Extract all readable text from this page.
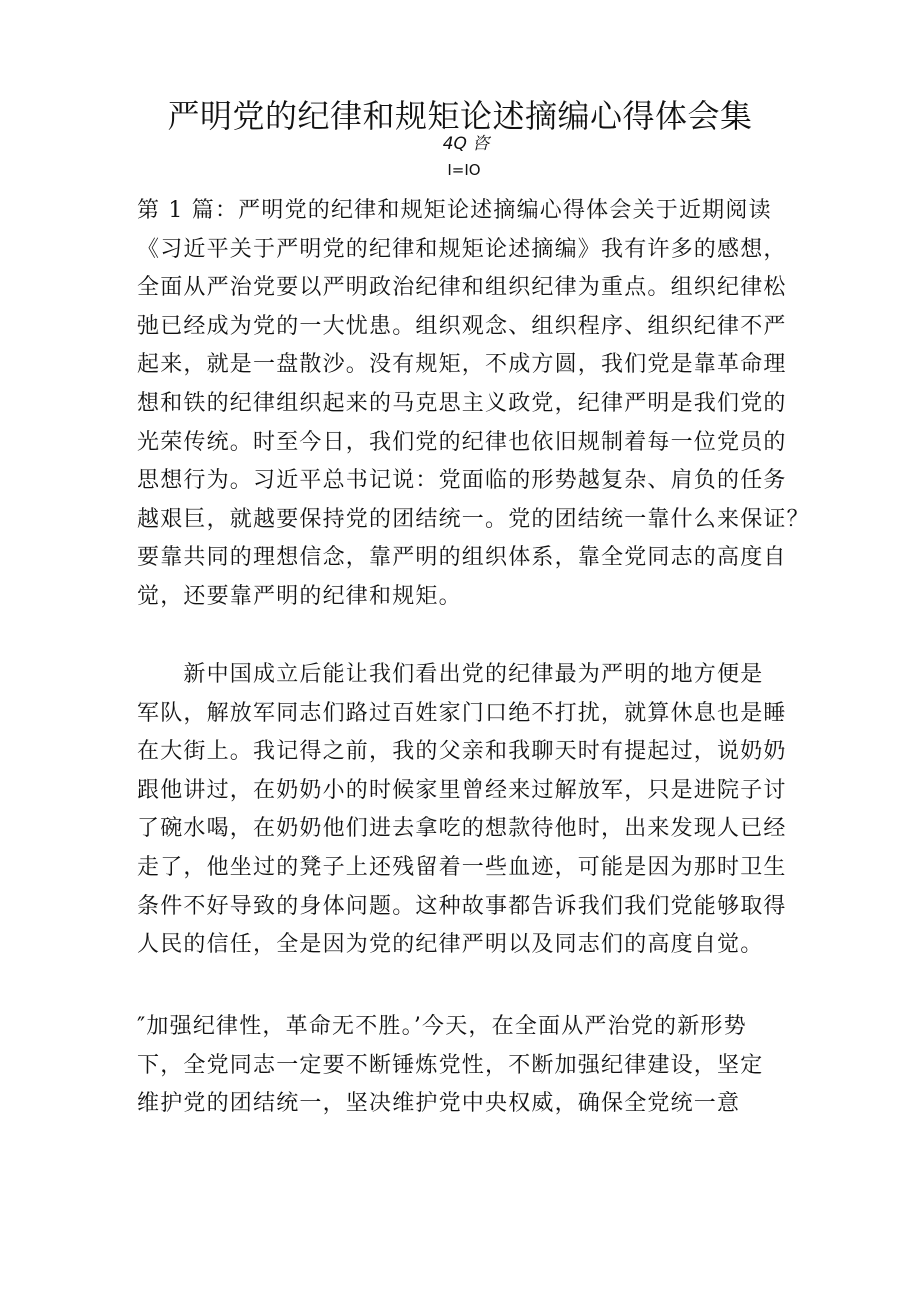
严明党的纪律和规矩论述摘编心得体会集
4Q 咨
I=IO
第 1 篇：严明党的纪律和规矩论述摘编心得体会关于近期阅读
《习近平关于严明党的纪律和规矩论述摘编》我有许多的感想，
全面从严治党要以严明政治纪律和组织纪律为重点。组织纪律松
弛已经成为党的一大忧患。组织观念、组织程序、组织纪律不严
起来，就是一盘散沙。没有规矩，不成方圆，我们党是靠革命理
想和铁的纪律组织起来的马克思主义政党，纪律严明是我们党的
光荣传统。时至今日，我们党的纪律也依旧规制着每一位党员的
思想行为。习近平总书记说：党面临的形势越复杂、肩负的任务
越艰巨，就越要保持党的团结统一。党的团结统一靠什么来保证？
要靠共同的理想信念，靠严明的组织体系，靠全党同志的高度自
觉，还要靠严明的纪律和规矩。
　　新中国成立后能让我们看出党的纪律最为严明的地方便是
军队，解放军同志们路过百姓家门口绝不打扰，就算休息也是睡
在大街上。我记得之前，我的父亲和我聊天时有提起过，说奶奶
跟他讲过，在奶奶小的时候家里曾经来过解放军，只是进院子讨
了碗水喝，在奶奶他们进去拿吃的想款待他时，出来发现人已经
走了，他坐过的凳子上还残留着一些血迹，可能是因为那时卫生
条件不好导致的身体问题。这种故事都告诉我们我们党能够取得
人民的信任，全是因为党的纪律严明以及同志们的高度自觉。
″加强纪律性，革命无不胜。’今天，在全面从严治党的新形势
下，全党同志一定要不断锤炼党性，不断加强纪律建设，坚定
维护党的团结统一，坚决维护党中央权威，确保全党统一意
